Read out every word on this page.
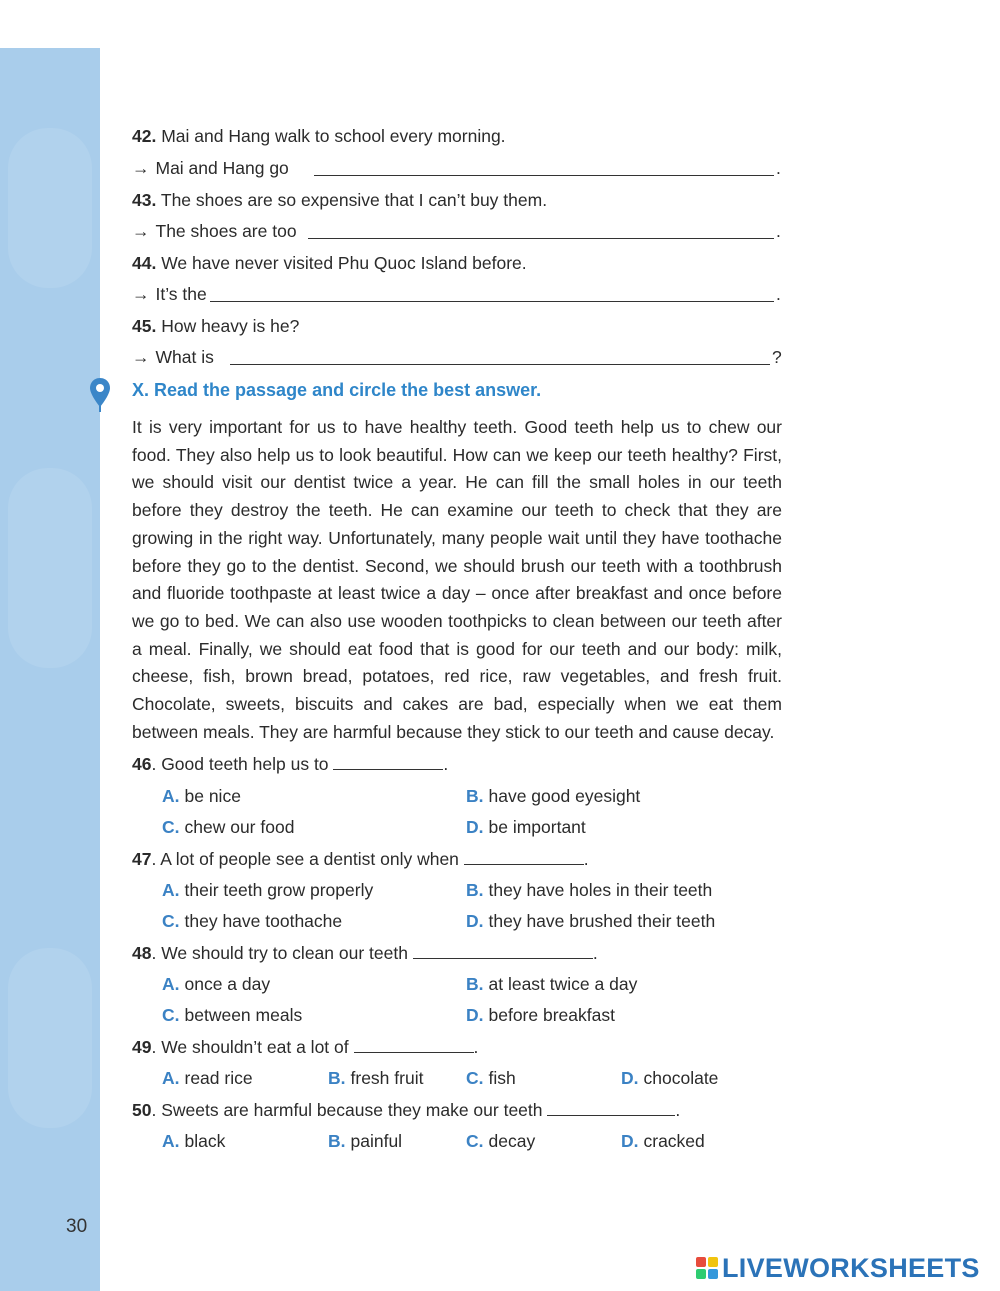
42. Mai and Hang walk to school every morning.
→ Mai and Hang go	.
43. The shoes are so expensive that I can’t buy them.
→ The shoes are too	.
44. We have never visited Phu Quoc Island before.
→ It’s the	.
45. How heavy is he?
→ What is	?
X. Read the passage and circle the best answer.
It is very important for us to have healthy teeth. Good teeth help us to chew our food. They also help us to look beautiful. How can we keep our teeth healthy? First, we should visit our dentist twice a year. He can fill the small holes in our teeth before they destroy the teeth. He can examine our teeth to check that they are growing in the right way. Unfortunately, many people wait until they have toothache before they go to the dentist. Second, we should brush our teeth with a toothbrush and fluoride toothpaste at least twice a day – once after breakfast and once before we go to bed. We can also use wooden toothpicks to clean between our teeth after a meal. Finally, we should eat food that is good for our teeth and our body: milk, cheese, fish, brown bread, potatoes, red rice, raw vegetables, and fresh fruit. Chocolate, sweets, biscuits and cakes are bad, especially when we eat them between meals. They are harmful because they stick to our teeth and cause decay.
46. Good teeth help us to	.
A. be nice	B. have good eyesight
C. chew our food	D. be important
47. A lot of people see a dentist only when	.
A. their teeth grow properly	B. they have holes in their teeth
C. they have toothache	D. they have brushed their teeth
48. We should try to clean our teeth	.
A. once a day	B. at least twice a day
C. between meals	D. before breakfast
49. We shouldn’t eat a lot of	.
A. read rice	B. fresh fruit C. fish	D. chocolate
50. Sweets are harmful because they make our teeth	.
A. black	B. painful	C. decay	D. cracked
30
LIVEWORKSHEETS
